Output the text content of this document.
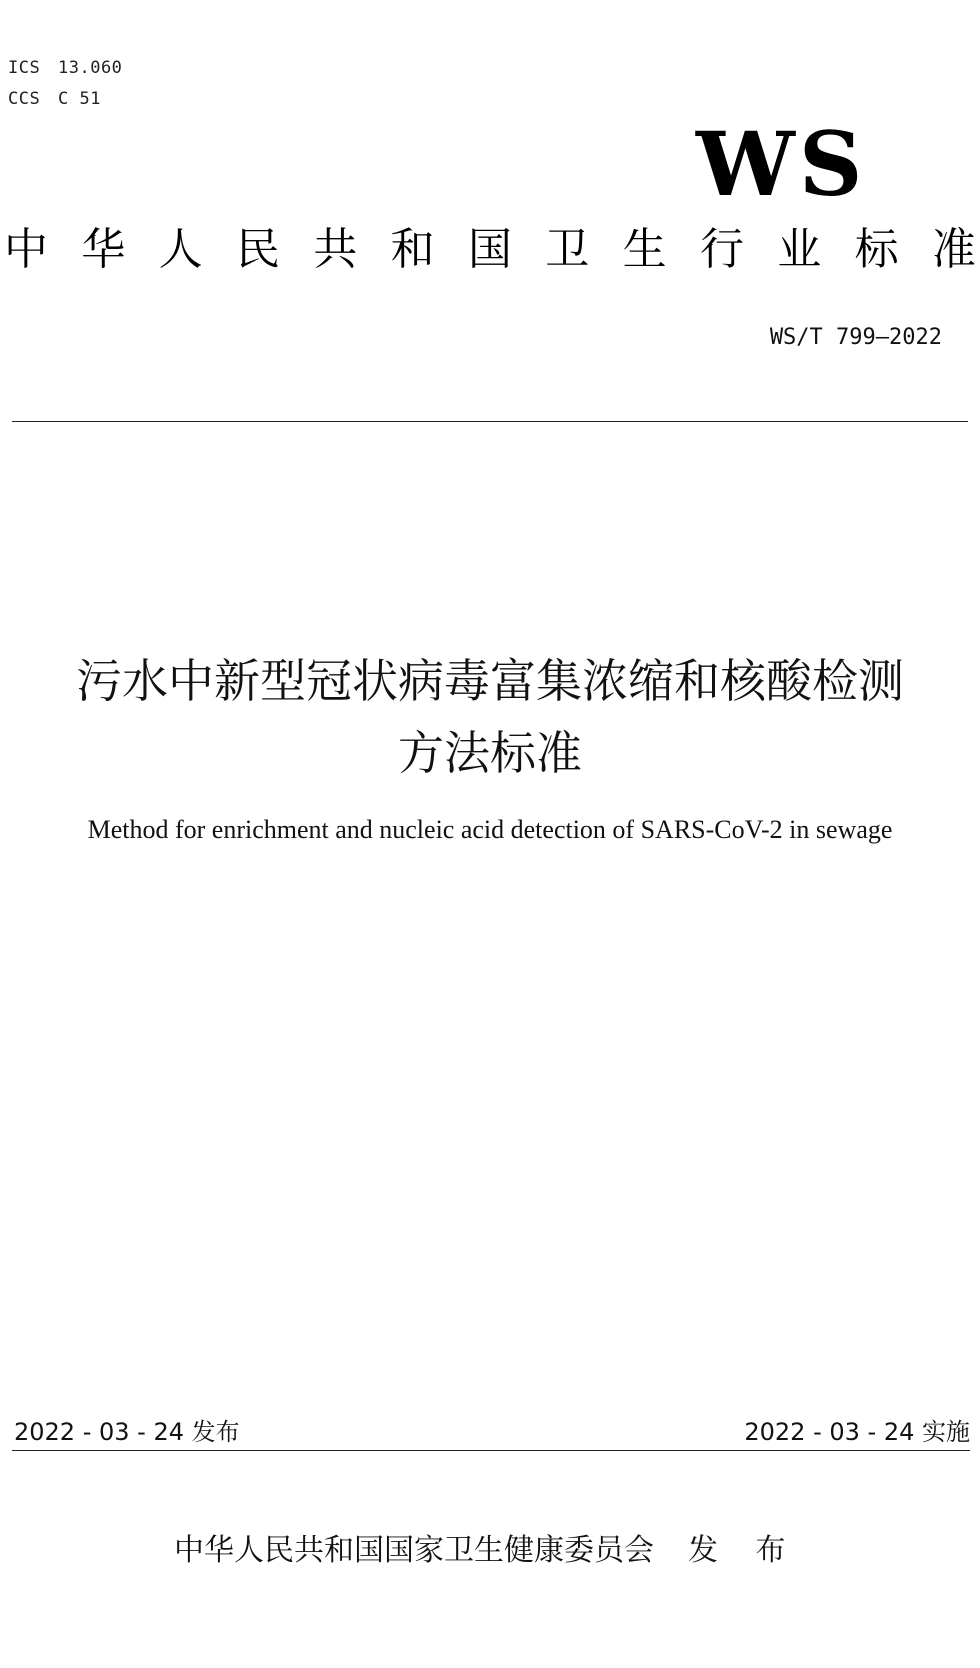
ICS 13.060
CCS C 51
WS
中 华 人 民 共 和 国 卫 生 行 业 标 准
WS/T 799—2022
污水中新型冠状病毒富集浓缩和核酸检测
方法标准
Method for enrichment and nucleic acid detection of SARS-CoV-2 in sewage
2022 - 03 - 24 发布	2022 - 03 - 24 实施
中华人民共和国国家卫生健康委员会 发 布
